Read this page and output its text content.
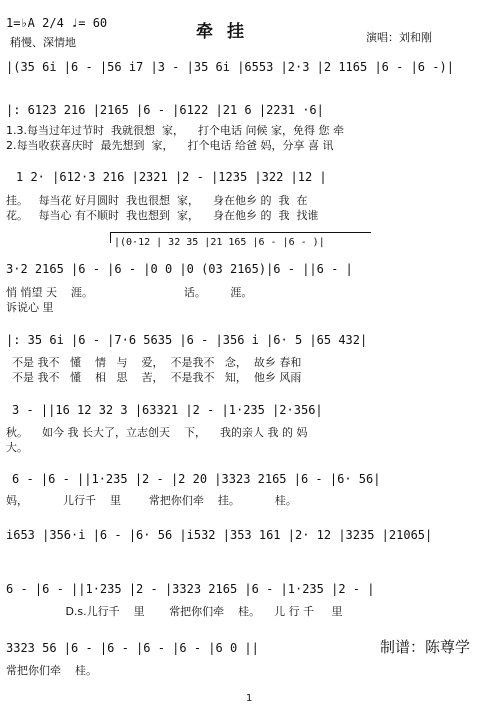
1=♭A 2/4 ♩= 60
稍慢、深情地
牵挂	演唱：刘和刚
|(35 6i |6 - |56 i7 |3 - |35 6i |6553 |2·3 |2 1165 |6 - |6 -)|
|: 6123 216 |2165 |6 - |6122 |21 6 |2231 ·6|
1.3.每当过年过节时  我就很想  家，    打个电话 问候 家，免得 您 牵
2.每当收获喜庆时  最先想到  家，    打个电话 给爸 妈，分享 喜 讯
1 2· |612·3 216 |2321 |2 - |1235 |322 |12 |
挂。   每当花 好月圆时  我也很想  家，    身在他乡 的  我  在
花。   每当心 有不顺时  我也想到  家，    身在他乡 的  我  找谁
|(0·12 | 32 35 |21 165 |6 - |6 - )|
3·2 2165 |6 - |6 - |0 0 |0 (03 2165)|6 - ||6 - |
悄 悄望 天    涯。                          话。       涯。
诉说心 里
|: 35 6i |6 - |7·6 5635 |6 - |356 i |6· 5 |65 432|
不是 我不   懂    情   与    爱，  不是我不   念，  故乡 春和
不是 我不   懂    相   思    苦，  不是我不   知，  他乡 风雨
3 - ||16 12 32 3 |63321 |2 - |1·235 |2·356|
秋。    如今 我 长大了，立志创天    下，    我的亲人 我 的 妈
大。
6 - |6 - ||1·235 |2 - |2 20 |3323 2165 |6 - |6· 56|
妈，          儿行千    里        常把你们牵    挂。          桂。
i653 |356·i |6 - |6· 56 |i532 |353 161 |2· 12 |3235 |21065|
6 - |6 - ||1·235 |2 - |3323 2165 |6 - |1·235 |2 - |
D.s.儿行千    里       常把你们牵    桂。    儿 行 千     里
3323 56 |6 - |6 - |6 - |6 - |6 0 ||
常把你们牵    桂。
制谱：陈尊学
1
